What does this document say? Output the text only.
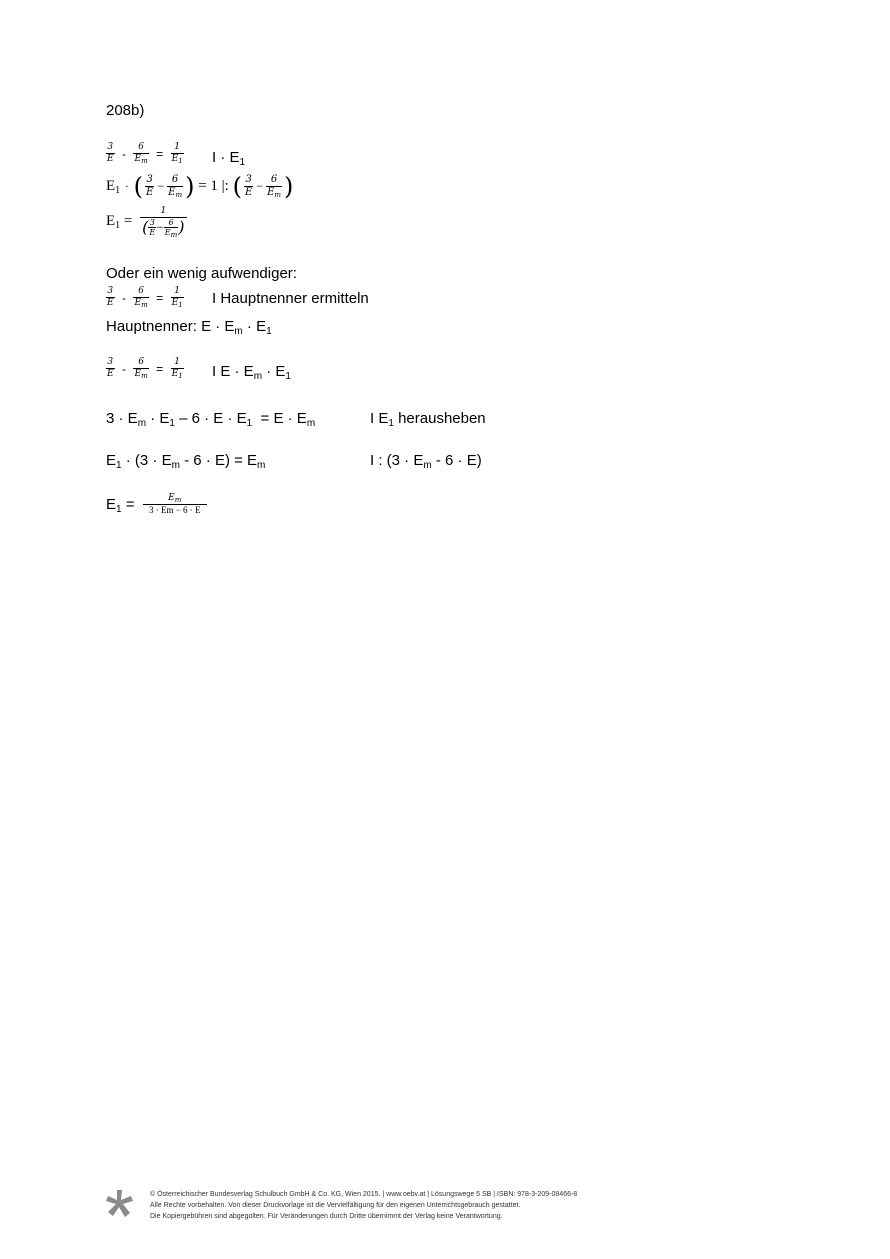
208b)
$\frac{3}{E} - \frac{6}{E_m} = \frac{1}{E_1}$ $I \cdot E_1$
$E_1$ · ( $\frac{3}{E} - \frac{6}{E_m}$ ) = 1 |: ( $\frac{3}{E} - \frac{6}{E_m}$ )
$E_1 = \frac{1}{( \frac{3}{E} - \frac{6}{Em} )}$
Oder ein wenig aufwendiger:
$\frac{3}{E} - \frac{6}{E_m} = \frac{1}{E_1}$ I Hauptnenner ermitteln
Hauptnenner: $E \cdot E_m \cdot E_1$
$\frac{3}{E} - \frac{6}{E_m} = \frac{1}{E_1}$ I $E \cdot E_m \cdot E_1$
$3 \cdot E_m \cdot E_1 - 6 \cdot E \cdot E_1 = E \cdot E_m$	I $E_1$ herausheben
$E_1 \cdot (3 \cdot E_m - 6 \cdot E) = E_m$	I : $(3 \cdot E_m - 6 \cdot E)$
$E_1 = \frac{E_m}{3 \cdot Em - 6 \cdot E}$
© Österreichischer Bundesverlag Schulbuch GmbH & Co. KG, Wien 2015. | www.oebv.at | Lösungswege 5 SB | ISBN: 978-3-209-08466-8
Alle Rechte vorbehalten. Von dieser Druckvorlage ist die Vervielfältigung für den eigenen Unterrichtsgebrauch gestattet.
Die Kopiergebühren sind abgegolten. Für Veränderungen durch Dritte übernimmt der Verlag keine Verantwortung.
